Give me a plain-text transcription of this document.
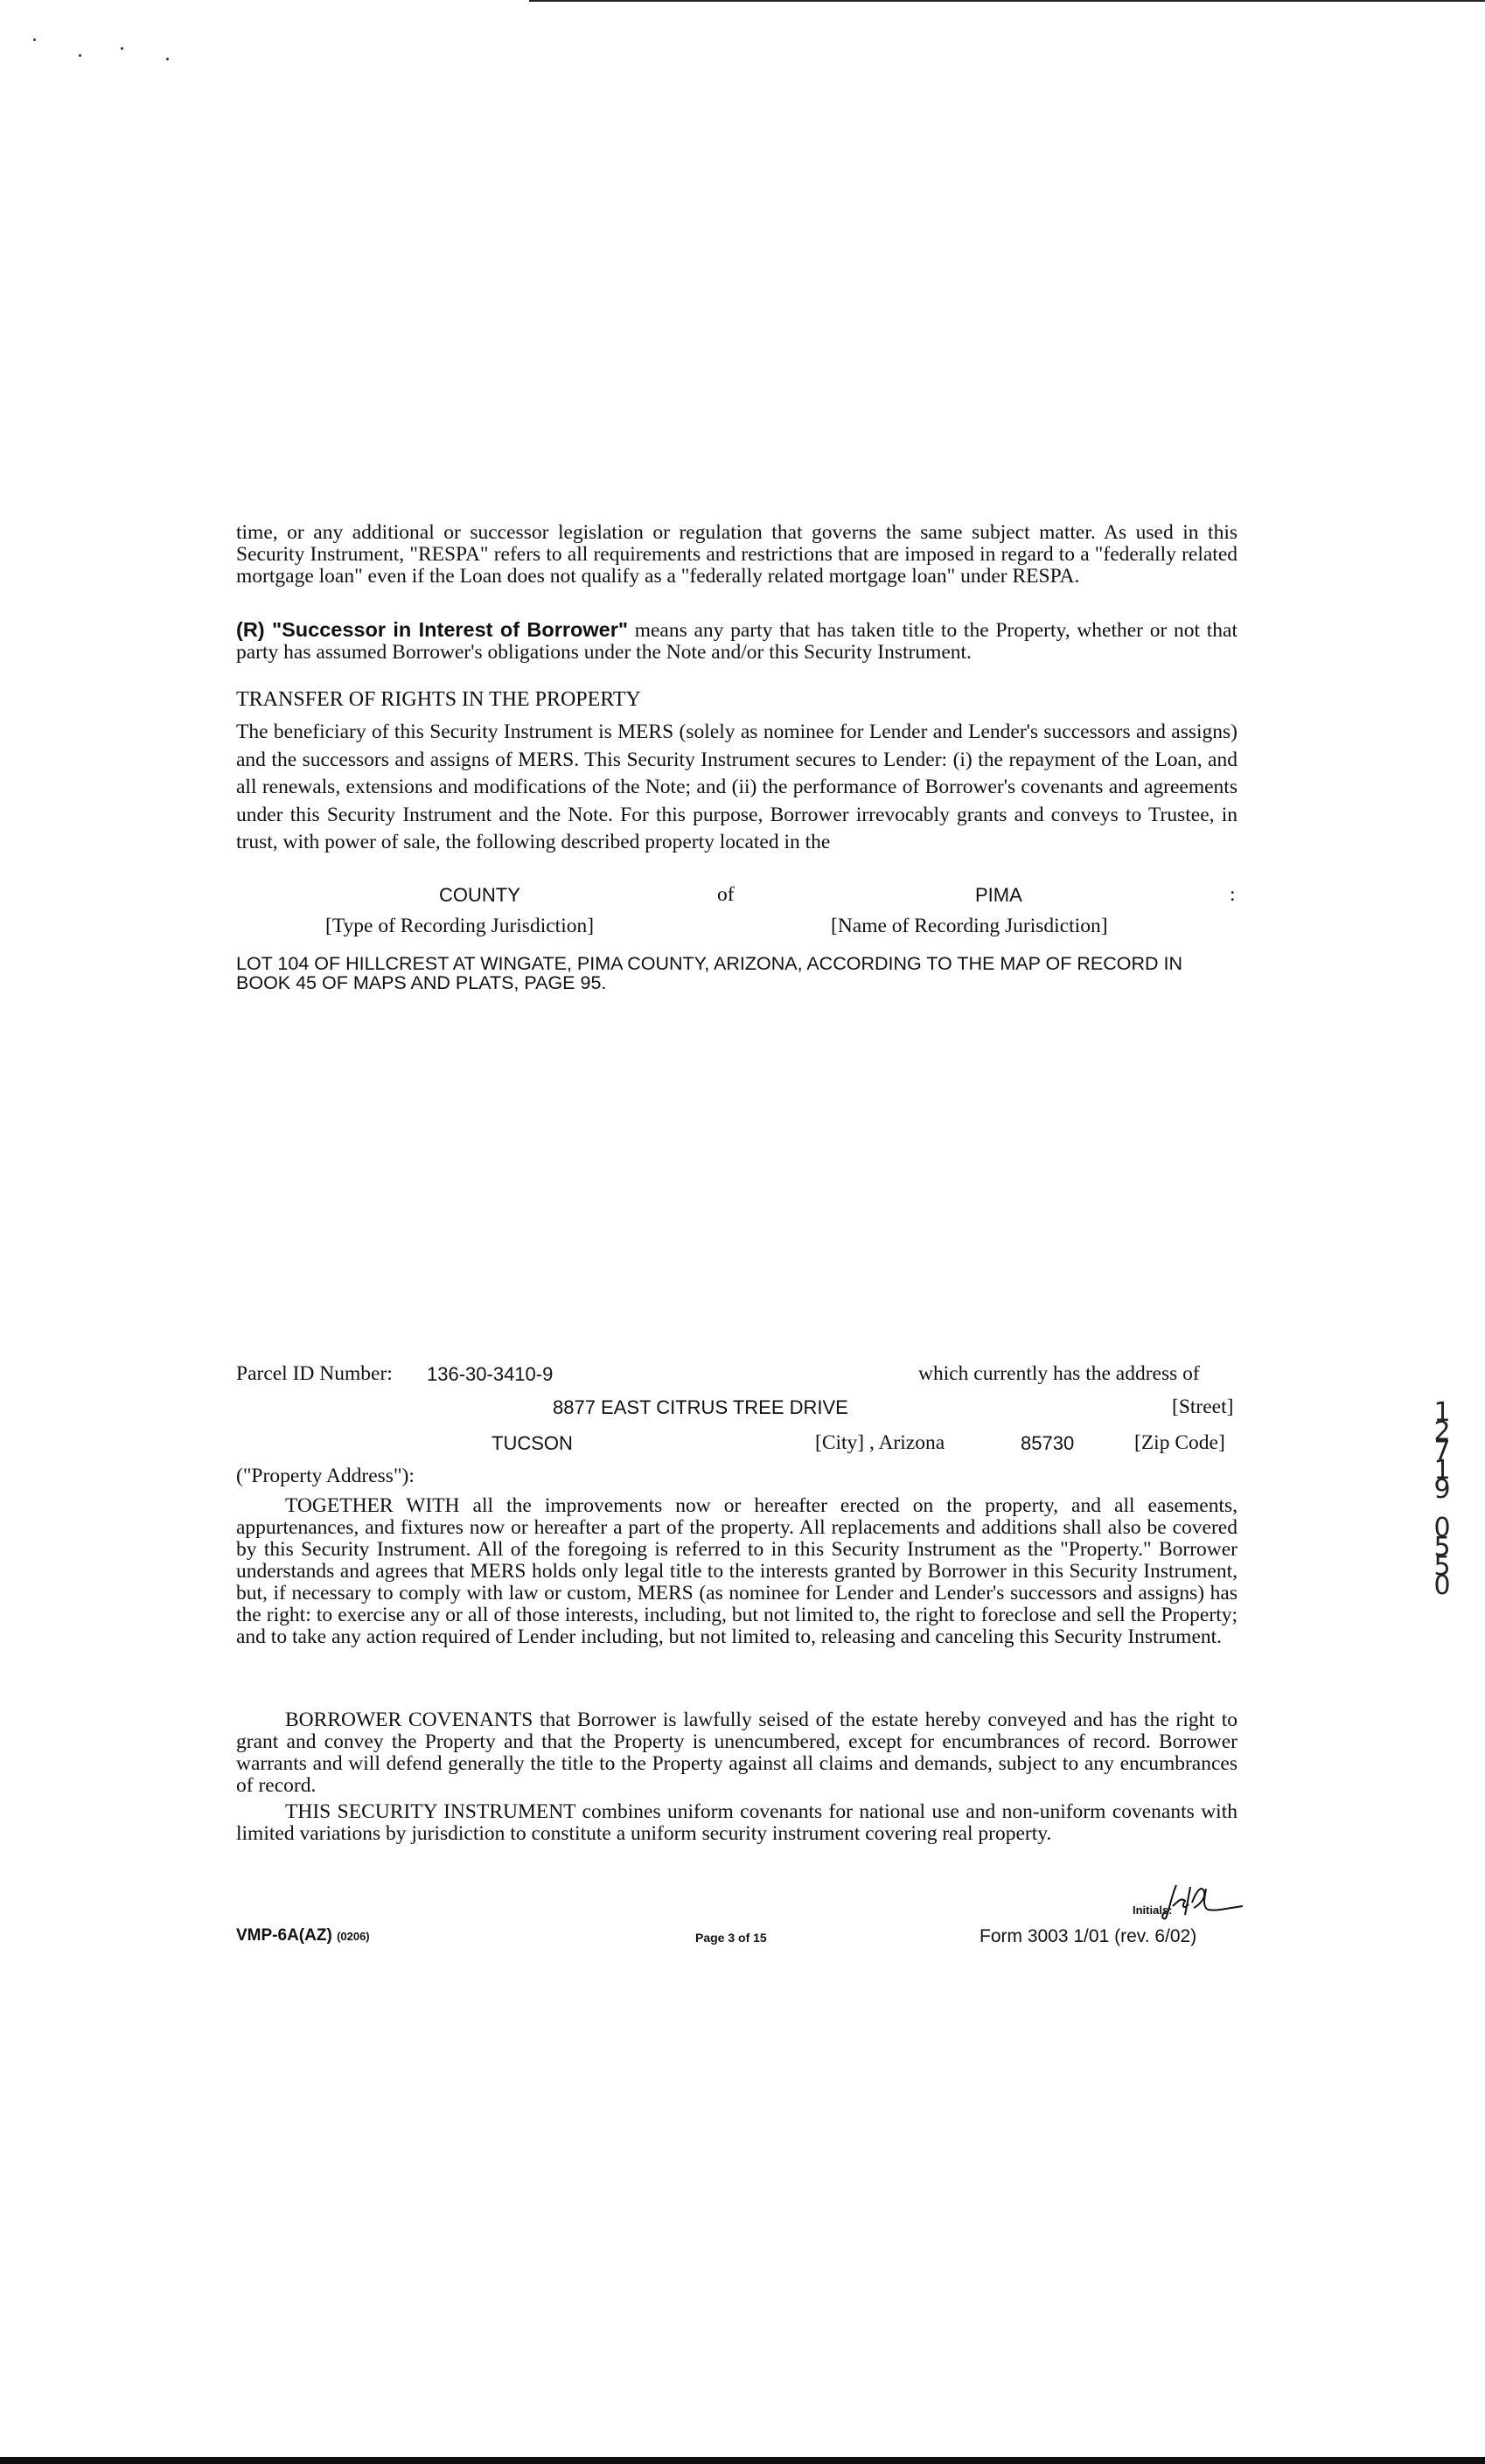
time, or any additional or successor legislation or regulation that governs the same subject matter. As used in this Security Instrument, "RESPA" refers to all requirements and restrictions that are imposed in regard to a "federally related mortgage loan" even if the Loan does not qualify as a "federally related mortgage loan" under RESPA.

(R) "Successor in Interest of Borrower" means any party that has taken title to the Property, whether or not that party has assumed Borrower's obligations under the Note and/or this Security Instrument.

TRANSFER OF RIGHTS IN THE PROPERTY

The beneficiary of this Security Instrument is MERS (solely as nominee for Lender and Lender's successors and assigns) and the successors and assigns of MERS. This Security Instrument secures to Lender: (i) the repayment of the Loan, and all renewals, extensions and modifications of the Note; and (ii) the performance of Borrower's covenants and agreements under this Security Instrument and the Note. For this purpose, Borrower irrevocably grants and conveys to Trustee, in trust, with power of sale, the following described property located in the

COUNTY	of	PIMA	:
[Type of Recording Jurisdiction]	[Name of Recording Jurisdiction]

LOT 104 OF HILLCREST AT WINGATE, PIMA COUNTY, ARIZONA, ACCORDING TO THE MAP OF RECORD IN BOOK 45 OF MAPS AND PLATS, PAGE 95.

Parcel ID Number: 136-30-3410-9	which currently has the address of
8877 EAST CITRUS TREE DRIVE	[Street]
TUCSON	[City] , Arizona	85730	[Zip Code]
("Property Address"):

TOGETHER WITH all the improvements now or hereafter erected on the property, and all easements, appurtenances, and fixtures now or hereafter a part of the property. All replacements and additions shall also be covered by this Security Instrument. All of the foregoing is referred to in this Security Instrument as the "Property." Borrower understands and agrees that MERS holds only legal title to the interests granted by Borrower in this Security Instrument, but, if necessary to comply with law or custom, MERS (as nominee for Lender and Lender's successors and assigns) has the right: to exercise any or all of those interests, including, but not limited to, the right to foreclose and sell the Property; and to take any action required of Lender including, but not limited to, releasing and canceling this Security Instrument.

BORROWER COVENANTS that Borrower is lawfully seised of the estate hereby conveyed and has the right to grant and convey the Property and that the Property is unencumbered, except for encumbrances of record. Borrower warrants and will defend generally the title to the Property against all claims and demands, subject to any encumbrances of record.

THIS SECURITY INSTRUMENT combines uniform covenants for national use and non-uniform covenants with limited variations by jurisdiction to constitute a uniform security instrument covering real property.

Initials:
VMP-6A(AZ) (0206)	Page 3 of 15	Form 3003 1/01 (rev. 6/02)
1
2
7
1
9

0
5
5
0
